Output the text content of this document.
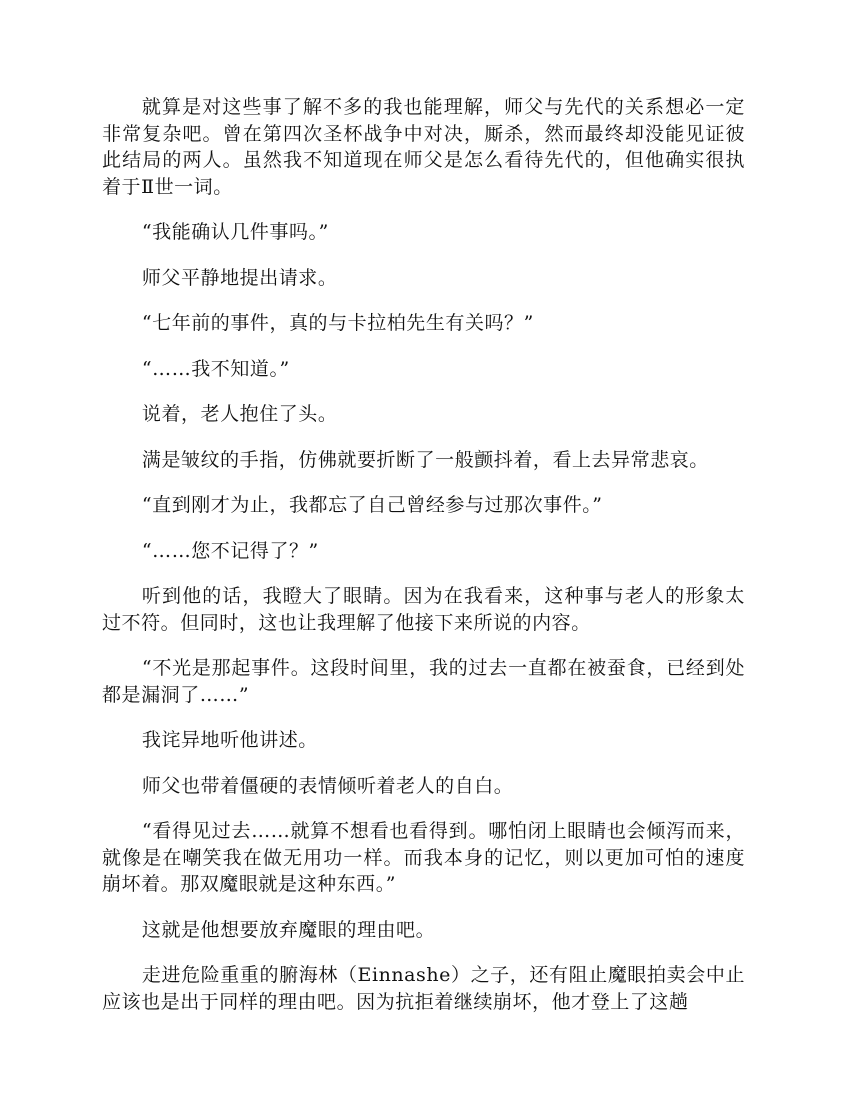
就算是对这些事了解不多的我也能理解，师父与先代的关系想必一定非常复杂吧。曾在第四次圣杯战争中对决，厮杀，然而最终却没能见证彼此结局的两人。虽然我不知道现在师父是怎么看待先代的，但他确实很执着于Ⅱ世一词。

“我能确认几件事吗。”

师父平静地提出请求。

“七年前的事件，真的与卡拉柏先生有关吗？”

“……我不知道。”

说着，老人抱住了头。

满是皱纹的手指，仿佛就要折断了一般颤抖着，看上去异常悲哀。

“直到刚才为止，我都忘了自己曾经参与过那次事件。”

“……您不记得了？”

听到他的话，我瞪大了眼睛。因为在我看来，这种事与老人的形象太过不符。但同时，这也让我理解了他接下来所说的内容。

“不光是那起事件。这段时间里，我的过去一直都在被蚕食，已经到处都是漏洞了……”

我诧异地听他讲述。

师父也带着僵硬的表情倾听着老人的自白。

“看得见过去……就算不想看也看得到。哪怕闭上眼睛也会倾泻而来，就像是在嘲笑我在做无用功一样。而我本身的记忆，则以更加可怕的速度崩坏着。那双魔眼就是这种东西。”

这就是他想要放弃魔眼的理由吧。

走进危险重重的腑海林（Einnashe）之子，还有阻止魔眼拍卖会中止应该也是出于同样的理由吧。因为抗拒着继续崩坏，他才登上了这趟
